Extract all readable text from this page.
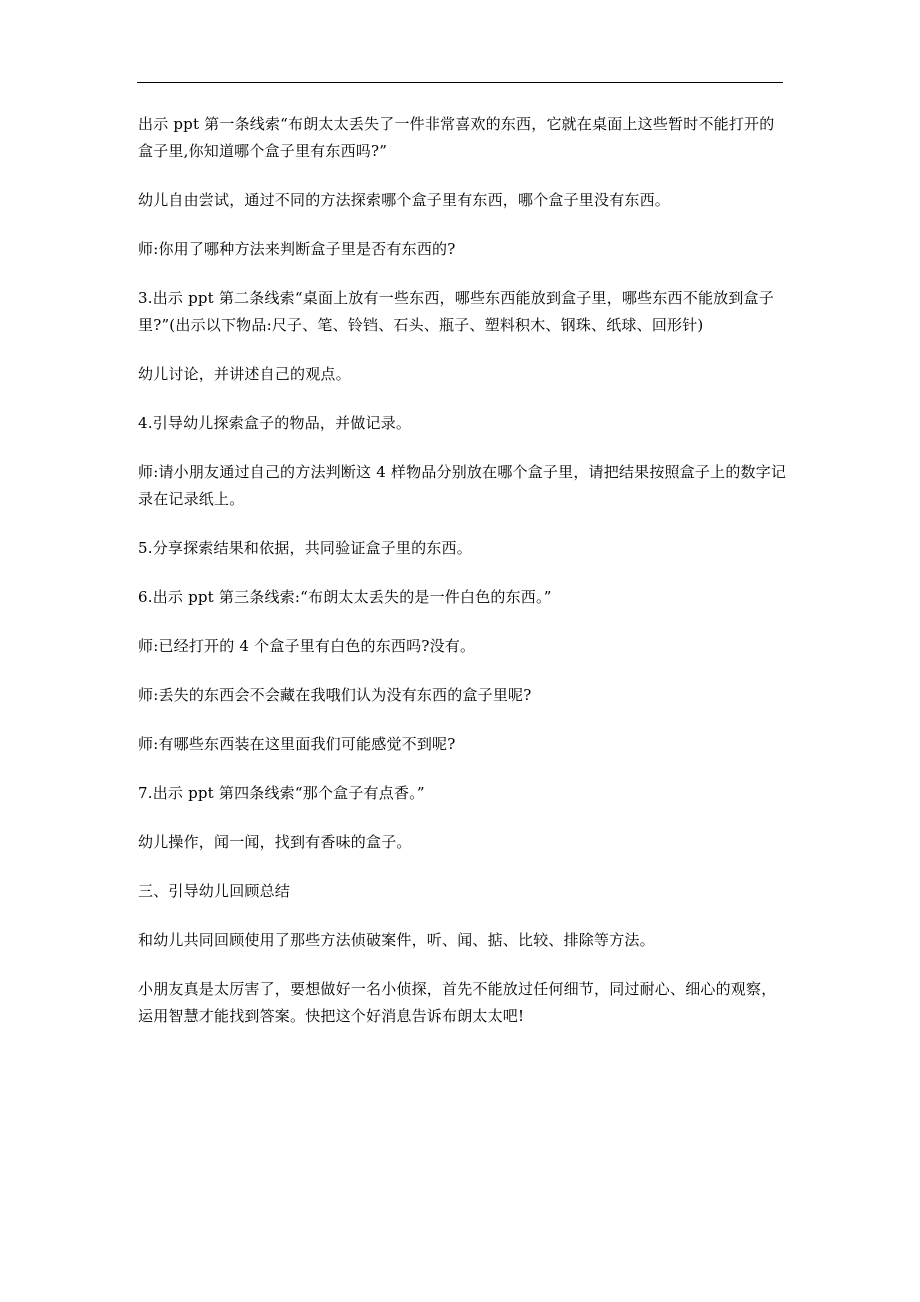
出示 ppt 第一条线索“布朗太太丢失了一件非常喜欢的东西，它就在桌面上这些暂时不能打开的盒子里,你知道哪个盒子里有东西吗?”

幼儿自由尝试，通过不同的方法探索哪个盒子里有东西，哪个盒子里没有东西。

师:你用了哪种方法来判断盒子里是否有东西的?

3.出示 ppt 第二条线索“桌面上放有一些东西，哪些东西能放到盒子里，哪些东西不能放到盒子里?”(出示以下物品:尺子、笔、铃铛、石头、瓶子、塑料积木、钢珠、纸球、回形针)

幼儿讨论，并讲述自己的观点。

4.引导幼儿探索盒子的物品，并做记录。

师:请小朋友通过自己的方法判断这 4 样物品分别放在哪个盒子里，请把结果按照盒子上的数字记录在记录纸上。

5.分享探索结果和依据，共同验证盒子里的东西。

6.出示 ppt 第三条线索:“布朗太太丢失的是一件白色的东西。”

师:已经打开的 4 个盒子里有白色的东西吗?没有。

师:丢失的东西会不会藏在我哦们认为没有东西的盒子里呢?

师:有哪些东西装在这里面我们可能感觉不到呢?

7.出示 ppt 第四条线索“那个盒子有点香。”

幼儿操作，闻一闻，找到有香味的盒子。

三、引导幼儿回顾总结

和幼儿共同回顾使用了那些方法侦破案件，听、闻、掂、比较、排除等方法。

小朋友真是太厉害了，要想做好一名小侦探，首先不能放过任何细节，同过耐心、细心的观察，运用智慧才能找到答案。快把这个好消息告诉布朗太太吧!
